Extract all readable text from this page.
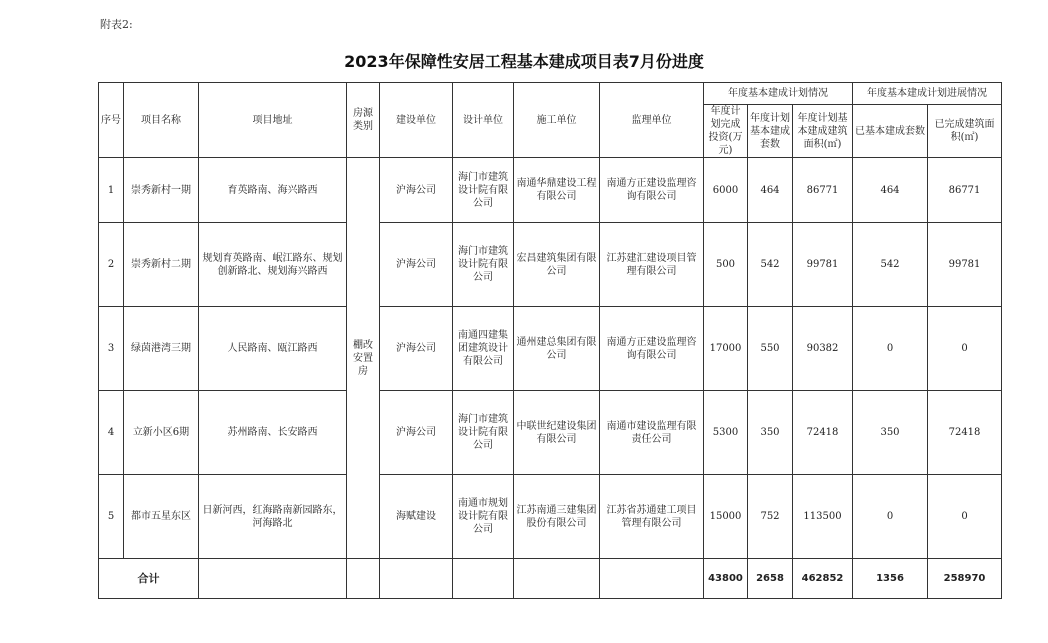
附表2:
2023年保障性安居工程基本建成项目表7月份进度
序号	项目名称	项目地址	房源类别	建设单位	设计单位	施工单位	监理单位	年度基本建成计划情况			年度基本建成计划进展情况	
								年度计划完成投资(万元)	年度计划基本建成套数	年度计划基本建成建筑面积(㎡)	已基本建成套数	已完成建筑面积(㎡)
1	崇秀新村一期	育英路南、海兴路西	棚改安置房	沪海公司	海门市建筑设计院有限公司	南通华鼎建设工程有限公司	南通方正建设监理咨询有限公司	6000	464	86771	464	86771
2	崇秀新村二期	规划育英路南、岷江路东、规划创新路北、规划海兴路西		沪海公司	海门市建筑设计院有限公司	宏昌建筑集团有限公司	江苏建汇建设项目管理有限公司	500	542	99781	542	99781
3	绿茵港湾三期	人民路南、瓯江路西		沪海公司	南通四建集团建筑设计有限公司	通州建总集团有限公司	南通方正建设监理咨询有限公司	17000	550	90382	0	0
4	立新小区6期	苏州路南、长安路西		沪海公司	海门市建筑设计院有限公司	中联世纪建设集团有限公司	南通市建设监理有限责任公司	5300	350	72418	350	72418
5	都市五星东区	日新河西，红海路南新园路东，河海路北		海赋建设	南通市规划设计院有限公司	江苏南通三建集团股份有限公司	江苏省苏通建工项目管理有限公司	15000	752	113500	0	0
合计								43800	2658	462852	1356	258970
